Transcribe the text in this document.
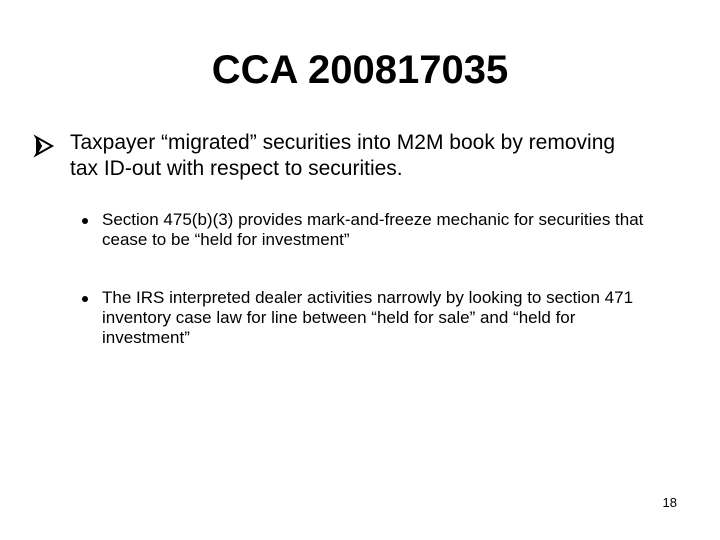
CCA 200817035
Taxpayer “migrated” securities into M2M book by removing tax ID-out with respect to securities.
Section 475(b)(3) provides mark-and-freeze mechanic for securities that cease to be “held for investment”
The IRS interpreted dealer activities narrowly by looking to section 471 inventory case law for line between “held for sale” and “held for investment”
18
